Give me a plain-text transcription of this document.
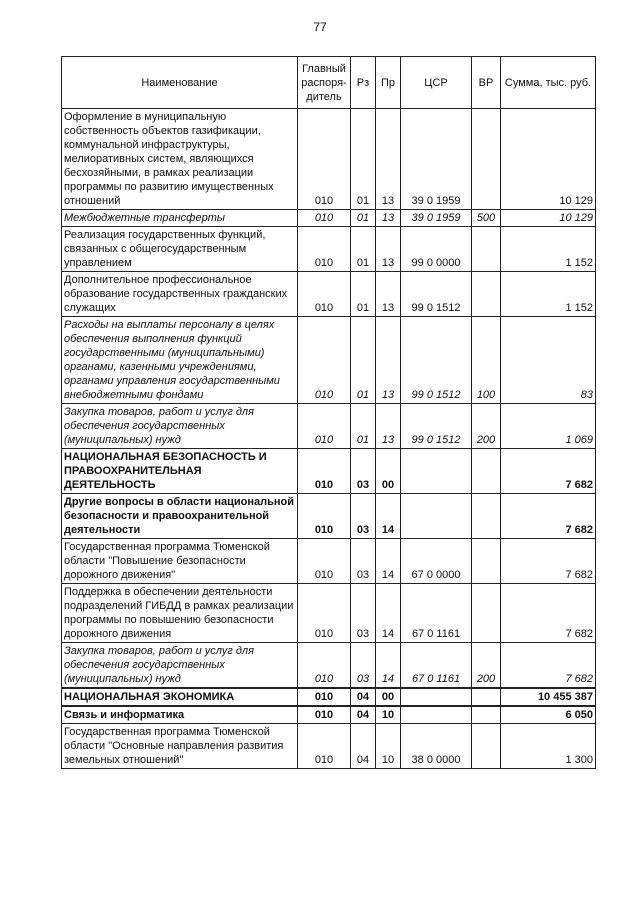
77
Наименование	Главный распоря-дитель	Рз	Пр	ЦСР	ВР	Сумма, тыс. руб.
Оформление в муниципальную собственность объектов газификации, коммунальной инфраструктуры, мелиоративных систем, являющихся бесхозяйными, в рамках реализации программы по развитию имущественных отношений	010	01	13	39 0 1959		10 129
Межбюджетные трансферты	010	01	13	39 0 1959	500	10 129
Реализация государственных функций, связанных с общегосударственным управлением	010	01	13	99 0 0000		1 152
Дополнительное профессиональное образование государственных гражданских служащих	010	01	13	99 0 1512		1 152
Расходы на выплаты персоналу в целях обеспечения выполнения функций государственными (муниципальными) органами, казенными учреждениями, органами управления государственными внебюджетными фондами	010	01	13	99 0 1512	100	83
Закупка товаров, работ и услуг для обеспечения государственных (муниципальных) нужд	010	01	13	99 0 1512	200	1 069
НАЦИОНАЛЬНАЯ БЕЗОПАСНОСТЬ И ПРАВООХРАНИТЕЛЬНАЯ ДЕЯТЕЛЬНОСТЬ	010	03	00			7 682
Другие вопросы в области национальной безопасности и правоохранительной деятельности	010	03	14			7 682
Государственная программа Тюменской области "Повышение безопасности дорожного движения"	010	03	14	67 0 0000		7 682
Поддержка в обеспечении деятельности подразделений ГИБДД в рамках реализации программы по повышению безопасности дорожного движения	010	03	14	67 0 1161		7 682
Закупка товаров, работ и услуг для обеспечения государственных (муниципальных) нужд	010	03	14	67 0 1161	200	7 682
НАЦИОНАЛЬНАЯ ЭКОНОМИКА	010	04	00			10 455 387
Связь и информатика	010	04	10			6 050
Государственная программа Тюменской области "Основные направления развития земельных отношений"	010	04	10	38 0 0000		1 300
